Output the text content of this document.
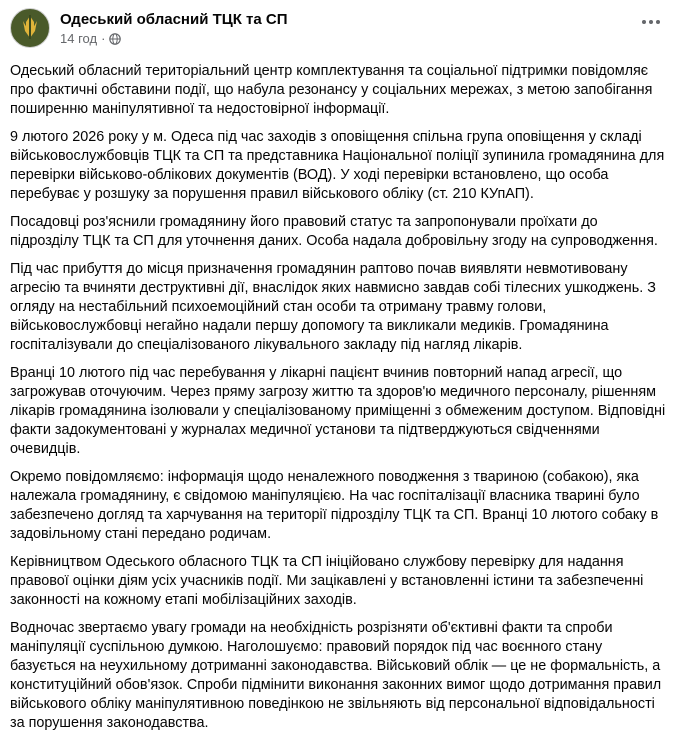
Одеський обласний ТЦК та СП
14 год ·

Одеський обласний територіальний центр комплектування та соціальної підтримки повідомляє про фактичні обставини події, що набула резонансу у соціальних мережах, з метою запобігання поширенню маніпулятивної та недостовірної інформації.

9 лютого 2026 року у м. Одеса під час заходів з оповіщення спільна група оповіщення у складі військовослужбовців ТЦК та СП та представника Національної поліції зупинила громадянина для перевірки військово-облікових документів (ВОД). У ході перевірки встановлено, що особа перебуває у розшуку за порушення правил військового обліку (ст. 210 КУпАП).

Посадовці роз'яснили громадянину його правовий статус та запропонували проїхати до підрозділу ТЦК та СП для уточнення даних. Особа надала добровільну згоду на супроводження.

Під час прибуття до місця призначення громадянин раптово почав виявляти невмотивовану агресію та вчиняти деструктивні дії, внаслідок яких навмисно завдав собі тілесних ушкоджень. З огляду на нестабільний психоемоційний стан особи та отриману травму голови, військовослужбовці негайно надали першу допомогу та викликали медиків. Громадянина госпіталізували до спеціалізованого лікувального закладу під нагляд лікарів.

Вранці 10 лютого під час перебування у лікарні пацієнт вчинив повторний напад агресії, що загрожував оточуючим. Через пряму загрозу життю та здоров'ю медичного персоналу, рішенням лікарів громадянина ізолювали у спеціалізованому приміщенні з обмеженим доступом. Відповідні факти задокументовані у журналах медичної установи та підтверджуються свідченнями очевидців.

Окремо повідомляємо: інформація щодо неналежного поводження з твариною (собакою), яка належала громадянину, є свідомою маніпуляцією. На час госпіталізації власника тварині було забезпечено догляд та харчування на території підрозділу ТЦК та СП. Вранці 10 лютого собаку в задовільному стані передано родичам.

Керівництвом Одеського обласного ТЦК та СП ініційовано службову перевірку для надання правової оцінки діям усіх учасників події. Ми зацікавлені у встановленні істини та забезпеченні законності на кожному етапі мобілізаційних заходів.

Водночас звертаємо увагу громади на необхідність розрізняти об'єктивні факти та спроби маніпуляції суспільною думкою. Наголошуємо: правовий порядок під час воєнного стану базується на неухильному дотриманні законодавства. Військовий облік — це не формальність, а конституційний обов'язок. Спроби підмінити виконання законних вимог щодо дотримання правил військового обліку маніпулятивною поведінкою не звільняють від персональної відповідальності за порушення законодавства.
